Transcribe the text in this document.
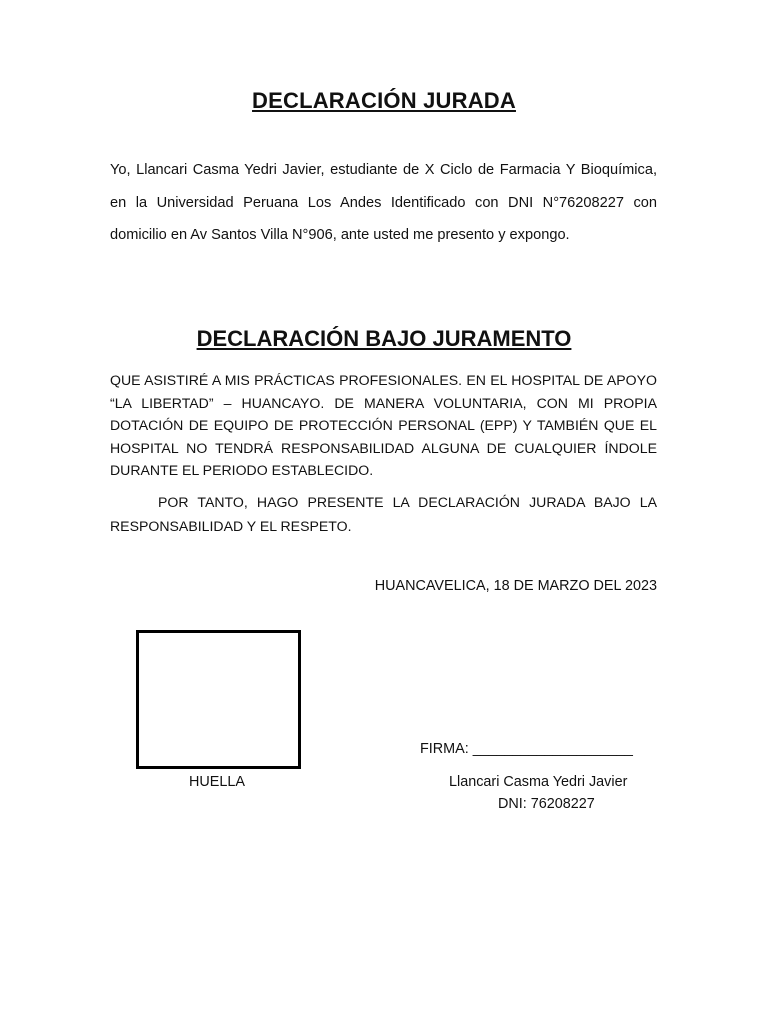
DECLARACIÓN JURADA
Yo, Llancari Casma Yedri Javier, estudiante de X Ciclo de Farmacia Y Bioquímica, en la Universidad Peruana Los Andes Identificado con DNI N°76208227 con domicilio en Av Santos Villa N°906, ante usted me presento y expongo.
DECLARACIÓN BAJO JURAMENTO
QUE ASISTIRÉ A MIS PRÁCTICAS PROFESIONALES. EN EL HOSPITAL DE APOYO “LA LIBERTAD” – HUANCAYO. DE MANERA VOLUNTARIA, CON MI PROPIA DOTACIÓN DE EQUIPO DE PROTECCIÓN PERSONAL (EPP) Y TAMBIÉN QUE EL HOSPITAL NO TENDRÁ RESPONSABILIDAD ALGUNA DE CUALQUIER ÍNDOLE DURANTE EL PERIODO ESTABLECIDO.
POR TANTO, HAGO PRESENTE LA DECLARACIÓN JURADA BAJO LA RESPONSABILIDAD Y EL RESPETO.
HUANCAVELICA, 18 DE MARZO DEL 2023
HUELLA
FIRMA: ____________________
Llancari Casma Yedri Javier
DNI: 76208227
